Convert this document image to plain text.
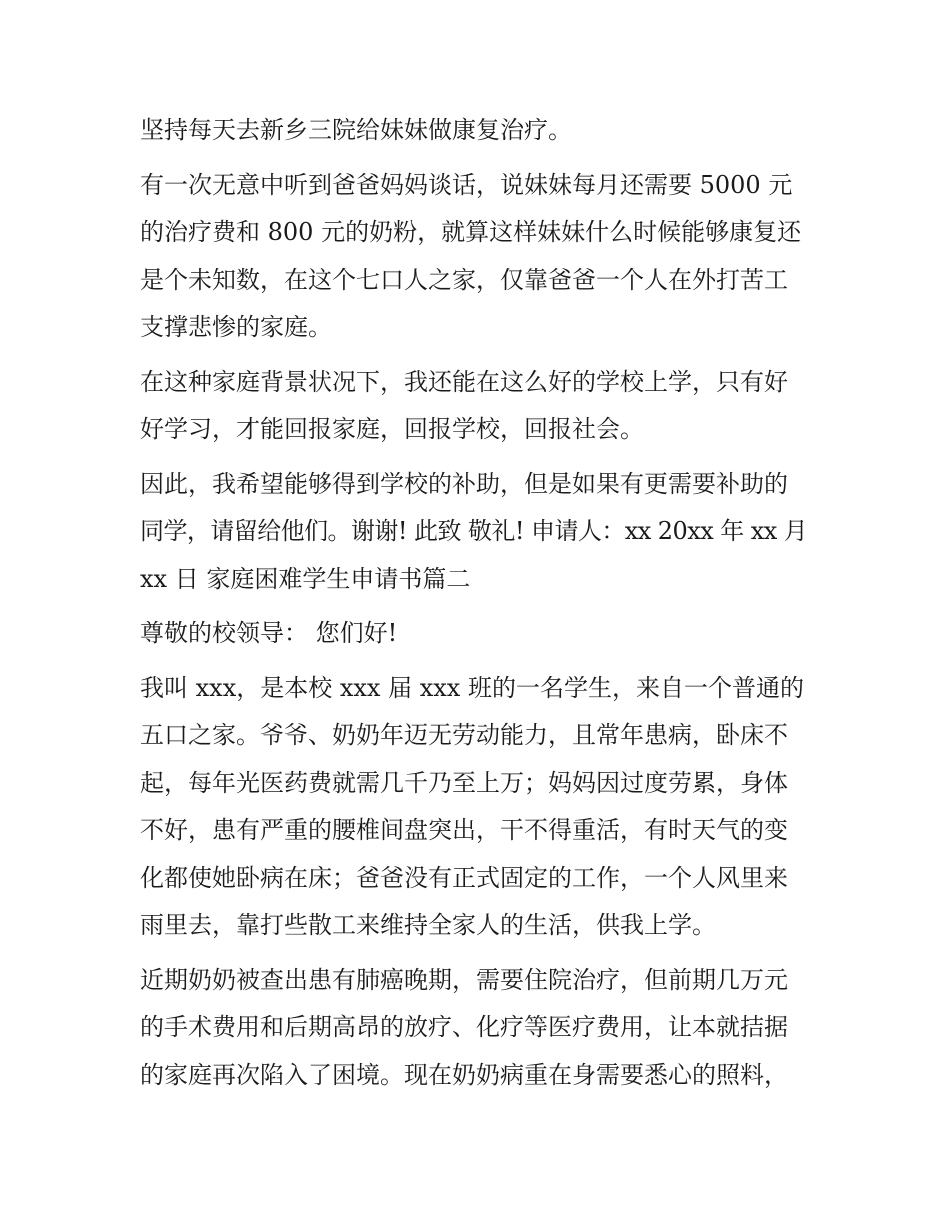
坚持每天去新乡三院给妹妹做康复治疗。
有一次无意中听到爸爸妈妈谈话，说妹妹每月还需要 5000 元
的治疗费和 800 元的奶粉，就算这样妹妹什么时候能够康复还
是个未知数，在这个七口人之家，仅靠爸爸一个人在外打苦工
支撑悲惨的家庭。
在这种家庭背景状况下，我还能在这么好的学校上学，只有好
好学习，才能回报家庭，回报学校，回报社会。
因此，我希望能够得到学校的补助，但是如果有更需要补助的
同学，请留给他们。谢谢! 此致 敬礼! 申请人：xx 20xx 年 xx 月
xx 日 家庭困难学生申请书篇二
尊敬的校领导： 您们好!
我叫 xxx，是本校 xxx 届 xxx 班的一名学生，来自一个普通的
五口之家。爷爷、奶奶年迈无劳动能力，且常年患病，卧床不
起，每年光医药费就需几千乃至上万；妈妈因过度劳累，身体
不好，患有严重的腰椎间盘突出，干不得重活，有时天气的变
化都使她卧病在床；爸爸没有正式固定的工作，一个人风里来
雨里去，靠打些散工来维持全家人的生活，供我上学。
近期奶奶被查出患有肺癌晚期，需要住院治疗，但前期几万元
的手术费用和后期高昂的放疗、化疗等医疗费用，让本就拮据
的家庭再次陷入了困境。现在奶奶病重在身需要悉心的照料，
